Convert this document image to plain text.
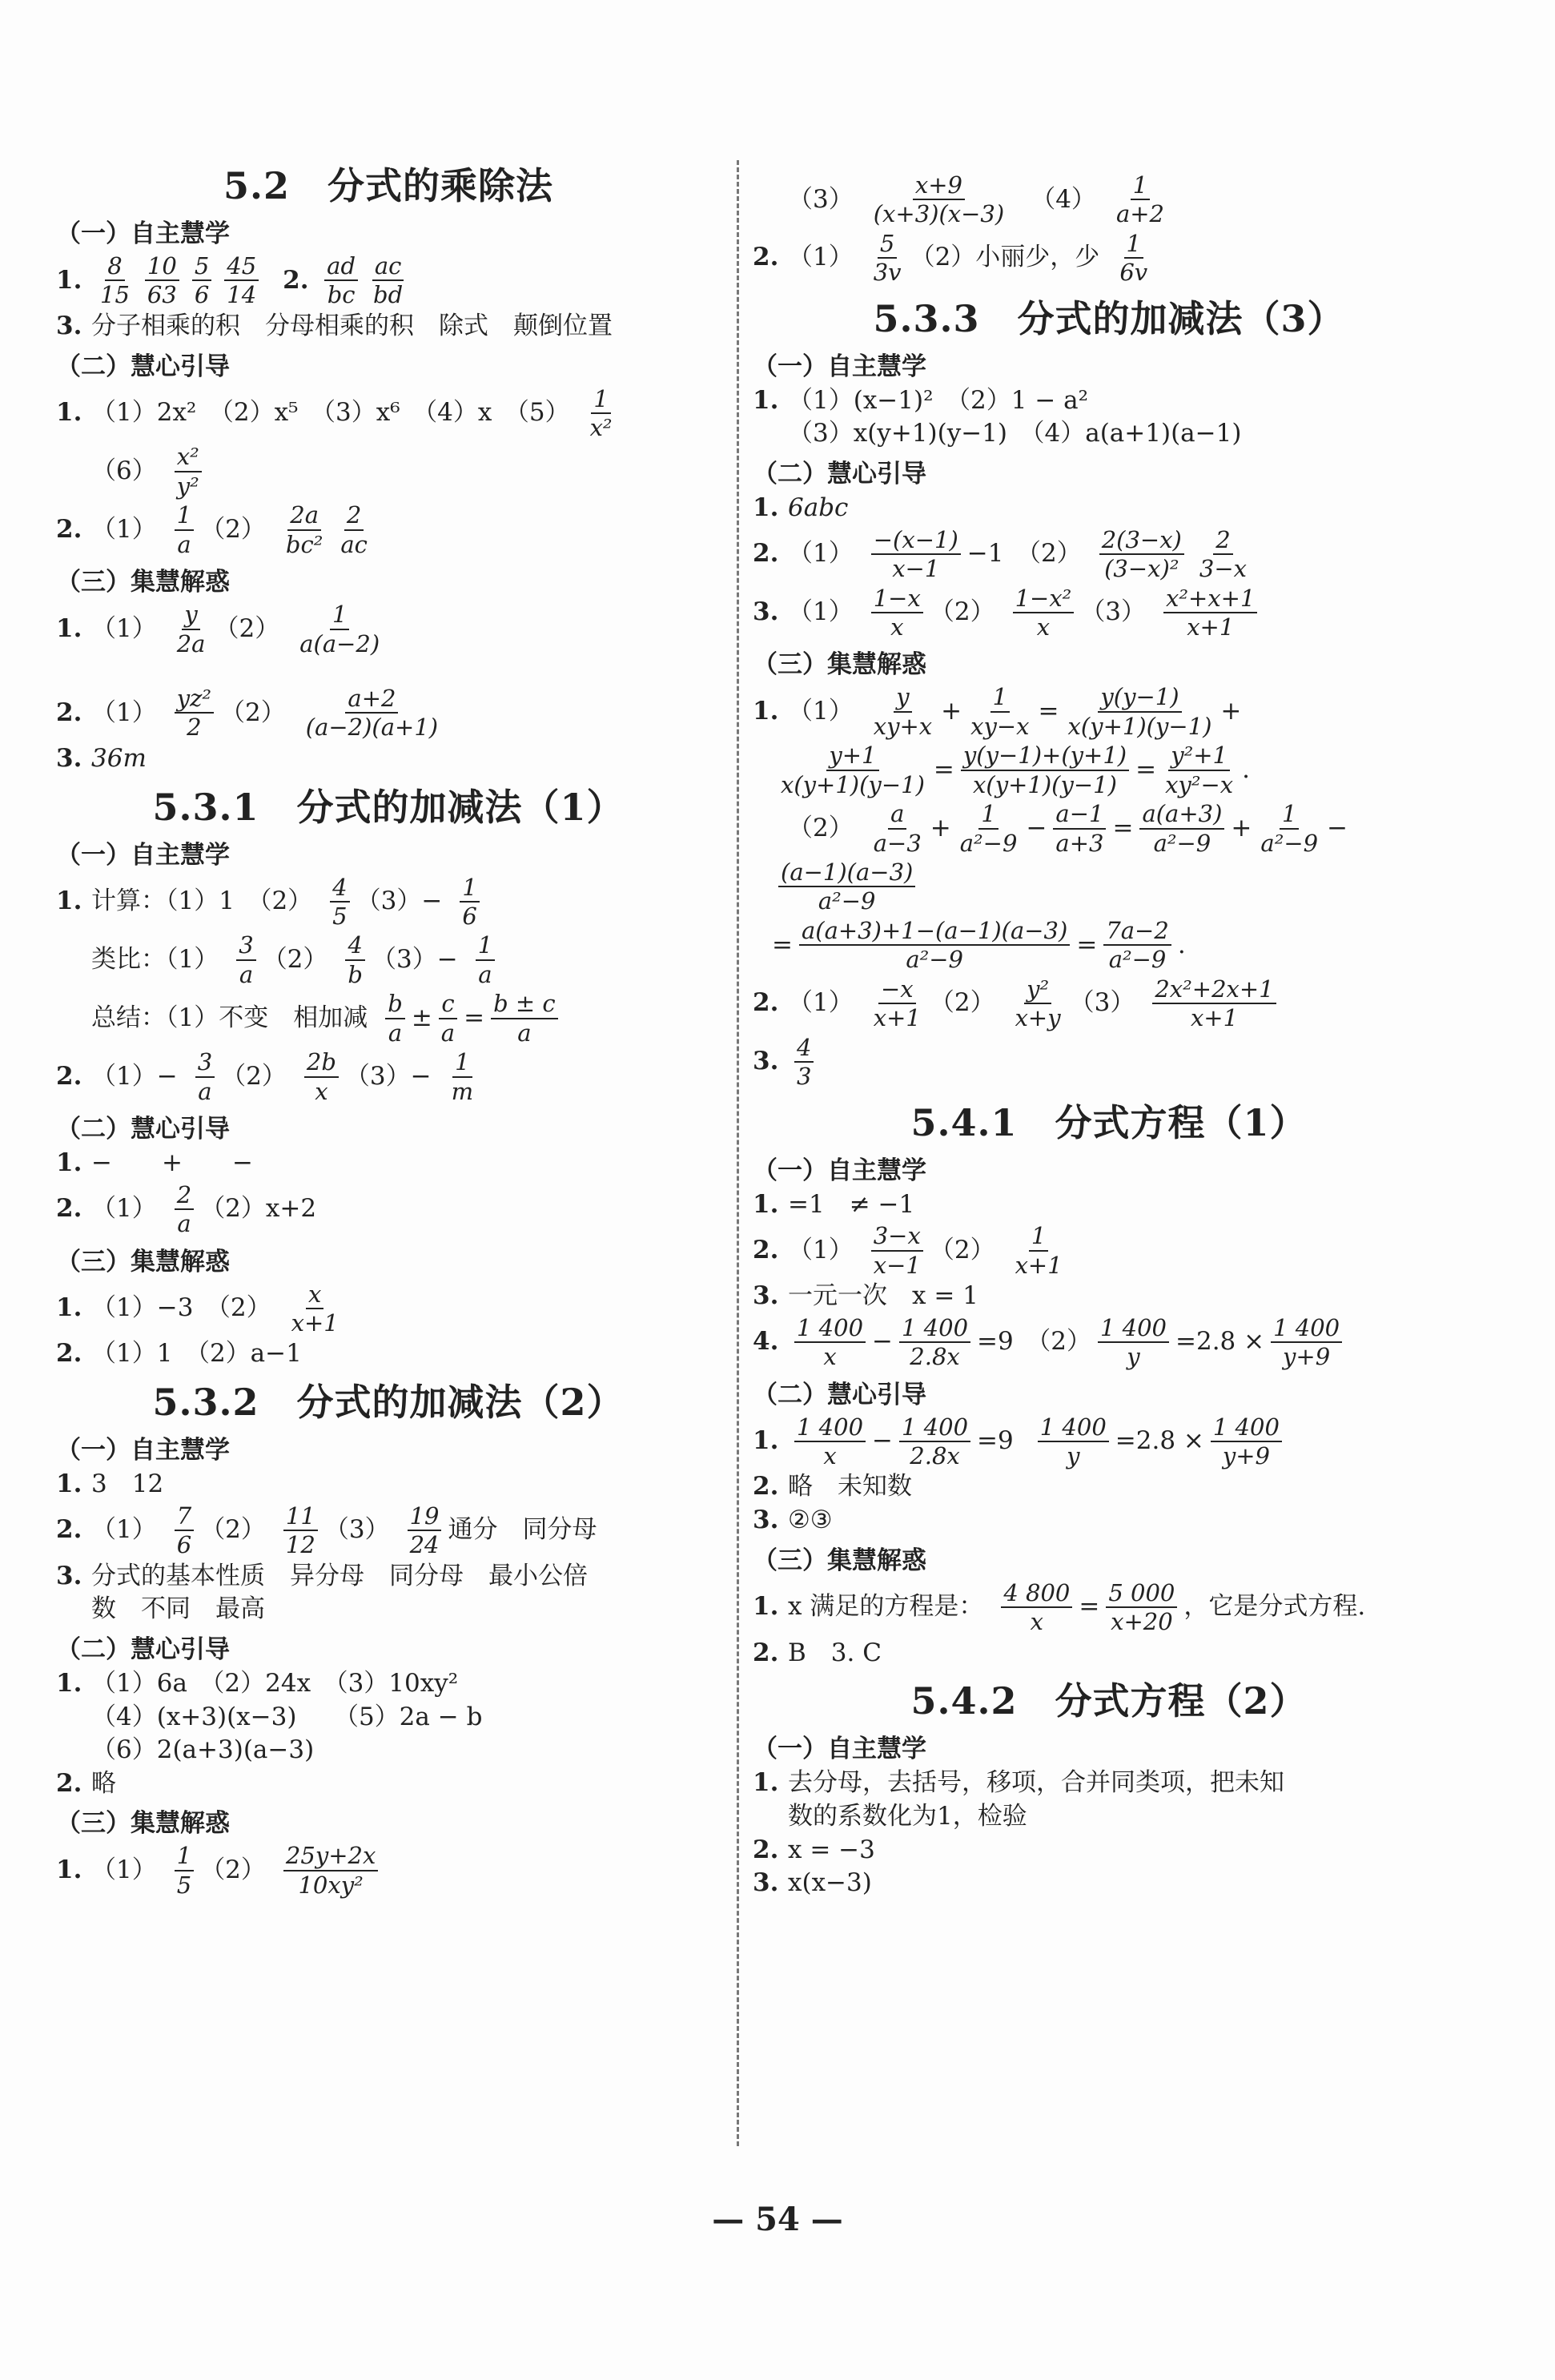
5.2　分式的乘除法
（一）自主慧学
1. $\frac{8}{15} \frac{10}{63} \frac{5}{6} \frac{45}{14} 2$. $\frac{ad}{bc} \frac{ac}{bd}$
3. 分子相乘的积　分母相乘的积　除式　颠倒位置
（二）慧心引导
1. （1）2x²　（2）x⁵　（3）x⁶　（4）x　$(5) \frac{1}{\text{x²}}$
$(6) \frac{\text{x²}}{\text{y²}}$
2. $(1) \frac{1}{a} (2) \frac{2a}{\text{bc²}} \frac{2}{ac}$
（三）集慧解惑
1. $(1) \frac{y}{2a} (2) \frac{1}{a(a-2)}$
2. $(1) \frac{\text{yz²}}{2} (2) \frac{a+2}{(a-2)(a+1)}$
3. 36m
5.3.1　分式的加减法（1）
（一）自主慧学
1. 计算：（1）1　$(2) \frac{4}{5} (3)- \frac{1}{6}$
类比：$(1) \frac{3}{a} (2) \frac{4}{b} (3)- \frac{1}{a}$
总结：（1）不变　相加减 $\frac{b}{a} \pm \frac{c}{a} = \frac{b \pm c}{a}$
2. $(1)- \frac{3}{a} (2) \frac{2b}{x} (3)- \frac{1}{m}$
（二）慧心引导
1. −　　+　　−
2. $(1) \frac{2}{a} (2)x+2$
（三）集慧解惑
1. （1）−3　$(2) \frac{x}{x+1}$
2. （1）1　（2）a−1
5.3.2　分式的加减法（2）
（一）自主慧学
1. 3　12
2. $(1) \frac{7}{6} (2) \frac{11}{12} (3) \frac{19}{24}$ 通分　同分母
3. 分式的基本性质　异分母　同分母　最小公倍
数　不同　最高
（二）慧心引导
1. （1）6a　（2）24x　（3）10xy²
（4）(x+3)(x−3)　　（5）2a − b
（6）2(a+3)(a−3)
2. 略
（三）集慧解惑
1. $(1) \frac{1}{5} (2) \frac{25y+2x}{\text{10xy²}}$
$(3) \frac{x+9}{(x+3)(x-3)} (4) \frac{1}{a+2}$
2. $(1) \frac{5}{3v} (2)$小丽少，少 $\frac{1}{6v}$
5.3.3　分式的加减法（3）
（一）自主慧学
1. （1）(x−1)²　（2）1 − a²
（3）x(y+1)(y−1)　（4）a(a+1)(a−1)
（二）慧心引导
1. 6abc
2. $(1) \frac{-(x-1)}{x-1} -1$　$(2) \frac{2(3-x)}{\text{(3−x)²}} \frac{2}{3-x}$
3. $(1) \frac{1-x}{x} (2) \frac{\text{1−x²}}{x} (3) \frac{\text{x²+x+1}}{x+1}$
（三）集慧解惑
1. $(1) \frac{y}{xy+x} + \frac{1}{xy-x} = \frac{y(y-1)}{x(y+1)(y-1)}$ +
$\frac{y+1}{x(y+1)(y-1)} = \frac{y(y-1)+(y+1)}{x(y+1)(y-1)} = \frac{\text{y²+1}}{\text{xy²−x}}$ .
$(2) \frac{a}{a-3} + \frac{1}{\text{a²−9}} - \frac{a-1}{a+3} = \frac{a(a+3)}{\text{a²−9}} + \frac{1}{\text{a²−9}}$ −
$\frac{(a-1)(a-3)}{\text{a²−9}}$
= $\frac{a(a+3)+1-(a-1)(a-3)}{\text{a²−9}} = \frac{7a-2}{\text{a²−9}}$ .
2. $(1) \frac{-x}{x+1} (2) \frac{\text{y²}}{x+y} (3) \frac{\text{2x²+2x+1}}{x+1}$
3. $\frac{4}{3}$
5.4.1　分式方程（1）
（一）自主慧学
1. =1　≠ −1
2. $(1) \frac{3-x}{x-1} (2) \frac{1}{x+1}$
3. 一元一次　x = 1
4. $\frac{1 400}{x} - \frac{1 400}{2.8x} =9$　$(2) \frac{1 400}{y} =2.8 \times \frac{1 400}{y+9}$
（二）慧心引导
1. $\frac{1 400}{x} - \frac{1 400}{2.8x} =9 \frac{1 400}{y} =2.8 \times \frac{1 400}{y+9}$
2. 略　未知数
3. ②③
（三）集慧解惑
1. x 满足的方程是： $\frac{4 800}{x} = \frac{5 000}{x+20}$ ，它是分式方程.
2. B　3. C
5.4.2　分式方程（2）
（一）自主慧学
1. 去分母，去括号，移项，合并同类项，把未知
数的系数化为1，检验
2. x = −3
3. x(x−3)
— 54 —
